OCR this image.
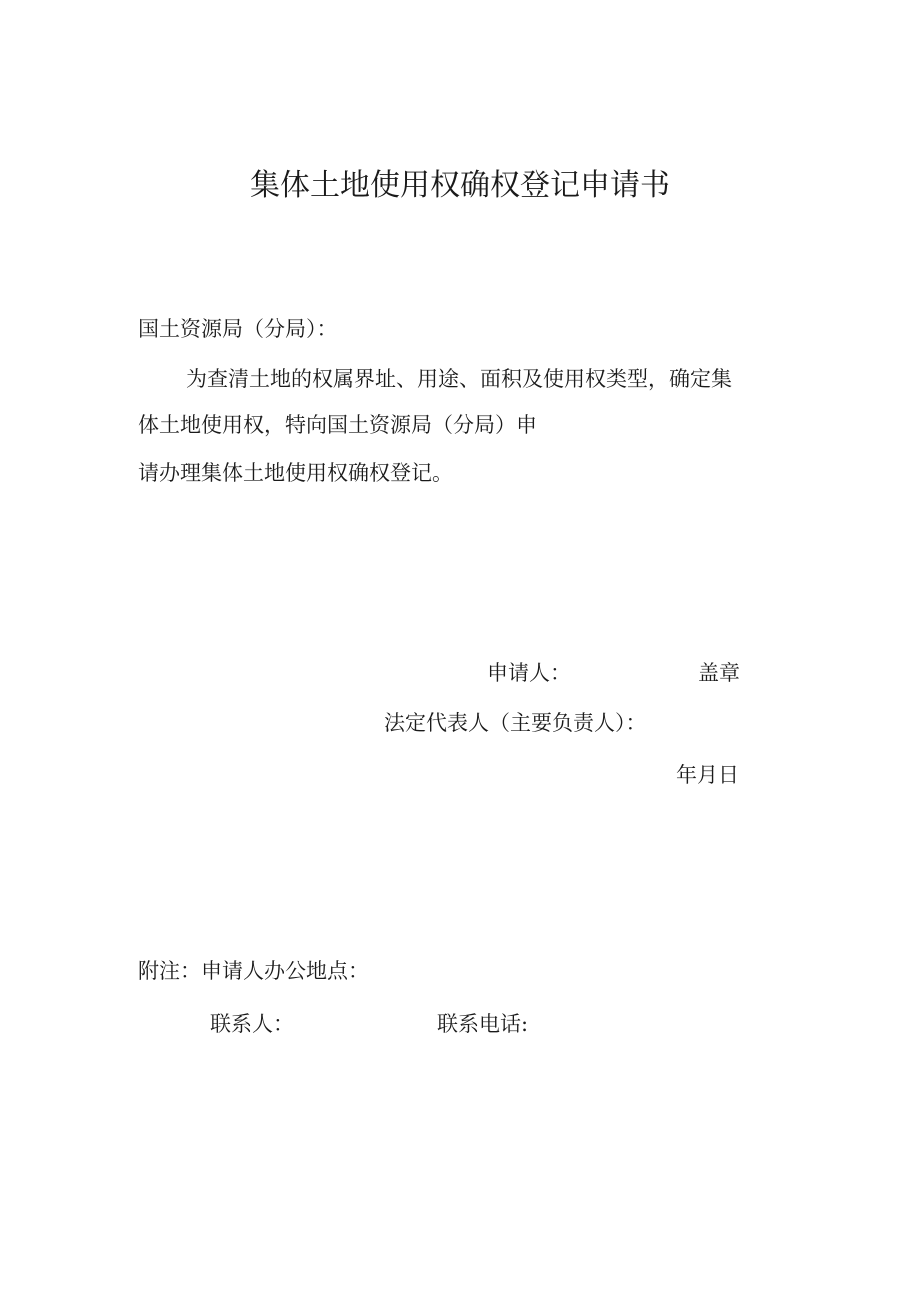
集体土地使用权确权登记申请书
国土资源局（分局）：
为查清土地的权属界址、用途、面积及使用权类型，确定集
体土地使用权，特向国土资源局（分局）申
请办理集体土地使用权确权登记。
申请人：	盖章
法定代表人（主要负责人）：
年月日
附注：申请人办公地点：
联系人：	联系电话:
